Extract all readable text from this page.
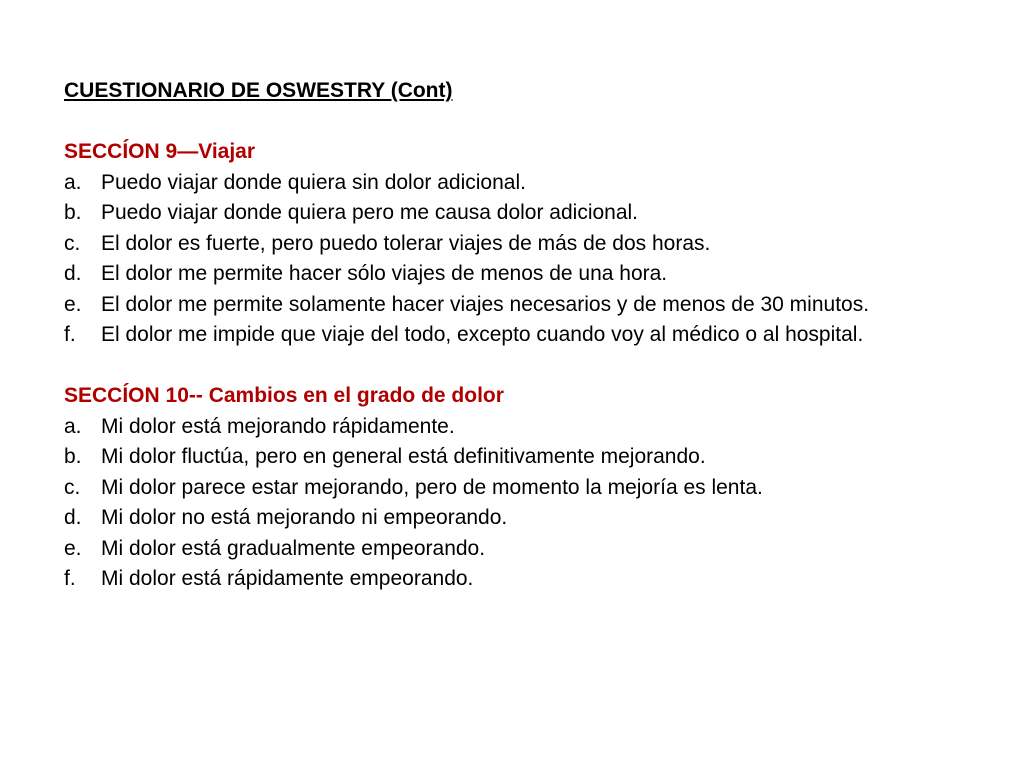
CUESTIONARIO DE OSWESTRY (Cont)

SECCÍON 9—Viajar

a. Puedo viajar donde quiera sin dolor adicional.
b. Puedo viajar donde quiera pero me causa dolor adicional.
c. El dolor es fuerte, pero puedo tolerar viajes de más de dos horas.
d. El dolor me permite hacer sólo viajes de menos de una hora.
e. El dolor me permite solamente hacer viajes necesarios y de menos de 30 minutos.
f. El dolor me impide que viaje del todo, excepto cuando voy al médico o al hospital.

SECCÍON 10-- Cambios en el grado de dolor

a. Mi dolor está mejorando rápidamente.
b. Mi dolor fluctúa, pero en general está definitivamente mejorando.
c. Mi dolor parece estar mejorando, pero de momento la mejoría es lenta.
d. Mi dolor no está mejorando ni empeorando.
e. Mi dolor está gradualmente empeorando.
f. Mi dolor está rápidamente empeorando.
